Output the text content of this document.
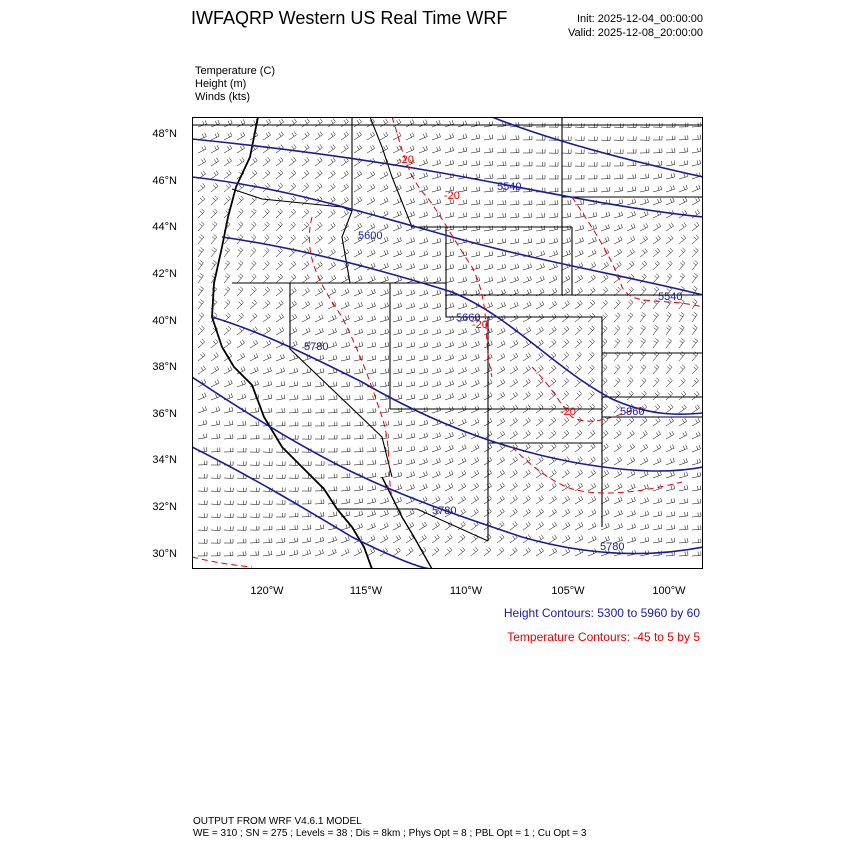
IWFAQRP Western US Real Time WRF	Init: 2025-12-04_00:00:00
Valid: 2025-12-08_20:00:00
Temperature (C)
Height (m)
Winds (kts)
48°N
46°N
44°N
42°N
40°N
38°N
36°N
34°N
32°N
30°N
120°W	115°W	110°W	105°W	100°W
5540
5600
5660
5780
5540
5960
5780
5780
-20
-20
-20
-20
Height Contours: 5300 to 5960 by 60
Temperature Contours: -45 to 5 by 5
OUTPUT FROM WRF V4.6.1 MODEL
WE = 310 ; SN = 275 ; Levels = 38 ; Dis = 8km ; Phys Opt = 8 ; PBL Opt = 1 ; Cu Opt = 3
